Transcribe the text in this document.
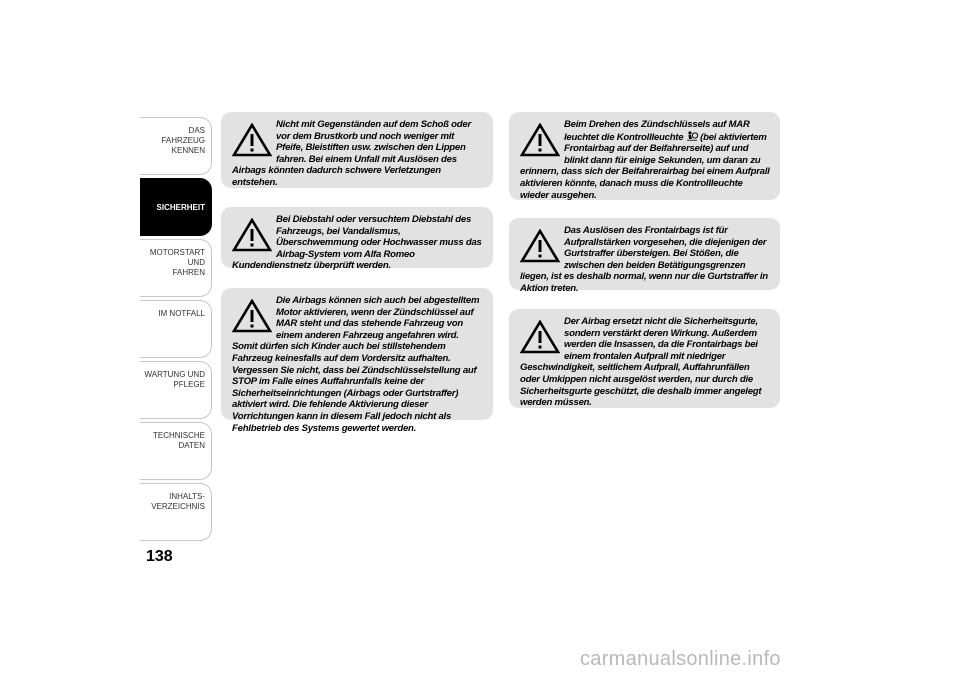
DAS FAHRZEUG
KENNEN
SICHERHEIT
MOTORSTART UND
FAHREN
IM NOTFALL
WARTUNG UND
PFLEGE
TECHNISCHE DATEN
INHALTS-
VERZEICHNIS
138
Nicht mit Gegenständen auf dem Schoß oder vor dem Brustkorb und noch weniger mit Pfeife, Bleistiften usw. zwischen den Lippen fahren. Bei einem Unfall mit Auslösen des Airbags könnten dadurch schwere Verletzungen entstehen.
Bei Diebstahl oder versuchtem Diebstahl des Fahrzeugs, bei Vandalismus, Überschwemmung oder Hochwasser muss das Airbag-System vom Alfa Romeo Kundendienstnetz überprüft werden.
Die Airbags können sich auch bei abgestelltem Motor aktivieren, wenn der Zündschlüssel auf MAR steht und das stehende Fahrzeug von einem anderen Fahrzeug angefahren wird. Somit dürfen sich Kinder auch bei stillstehendem Fahrzeug keinesfalls auf dem Vordersitz aufhalten. Vergessen Sie nicht, dass bei Zündschlüsselstellung auf STOP im Falle eines Auffahrunfalls keine der Sicherheitseinrichtungen (Airbags oder Gurtstraffer) aktiviert wird. Die fehlende Aktivierung dieser Vorrichtungen kann in diesem Fall jedoch nicht als Fehlbetrieb des Systems gewertet werden.
Beim Drehen des Zündschlüssels auf MAR leuchtet die Kontrollleuchte  (bei aktiviertem Frontairbag auf der Beifahrerseite) auf und blinkt dann für einige Sekunden, um daran zu erinnern, dass sich der Beifahrerairbag bei einem Aufprall aktivieren könnte, danach muss die Kontrollleuchte wieder ausgehen.
Das Auslösen des Frontairbags ist für Aufprallstärken vorgesehen, die diejenigen der Gurtstraffer übersteigen. Bei Stößen, die zwischen den beiden Betätigungsgrenzen liegen, ist es deshalb normal, wenn nur die Gurtstraffer in Aktion treten.
Der Airbag ersetzt nicht die Sicherheitsgurte, sondern verstärkt deren Wirkung. Außerdem werden die Insassen, da die Frontairbags bei einem frontalen Aufprall mit niedriger Geschwindigkeit, seitlichem Aufprall, Auffahrunfällen oder Umkippen nicht ausgelöst werden, nur durch die Sicherheitsgurte geschützt, die deshalb immer angelegt werden müssen.
carmanualsonline.info
